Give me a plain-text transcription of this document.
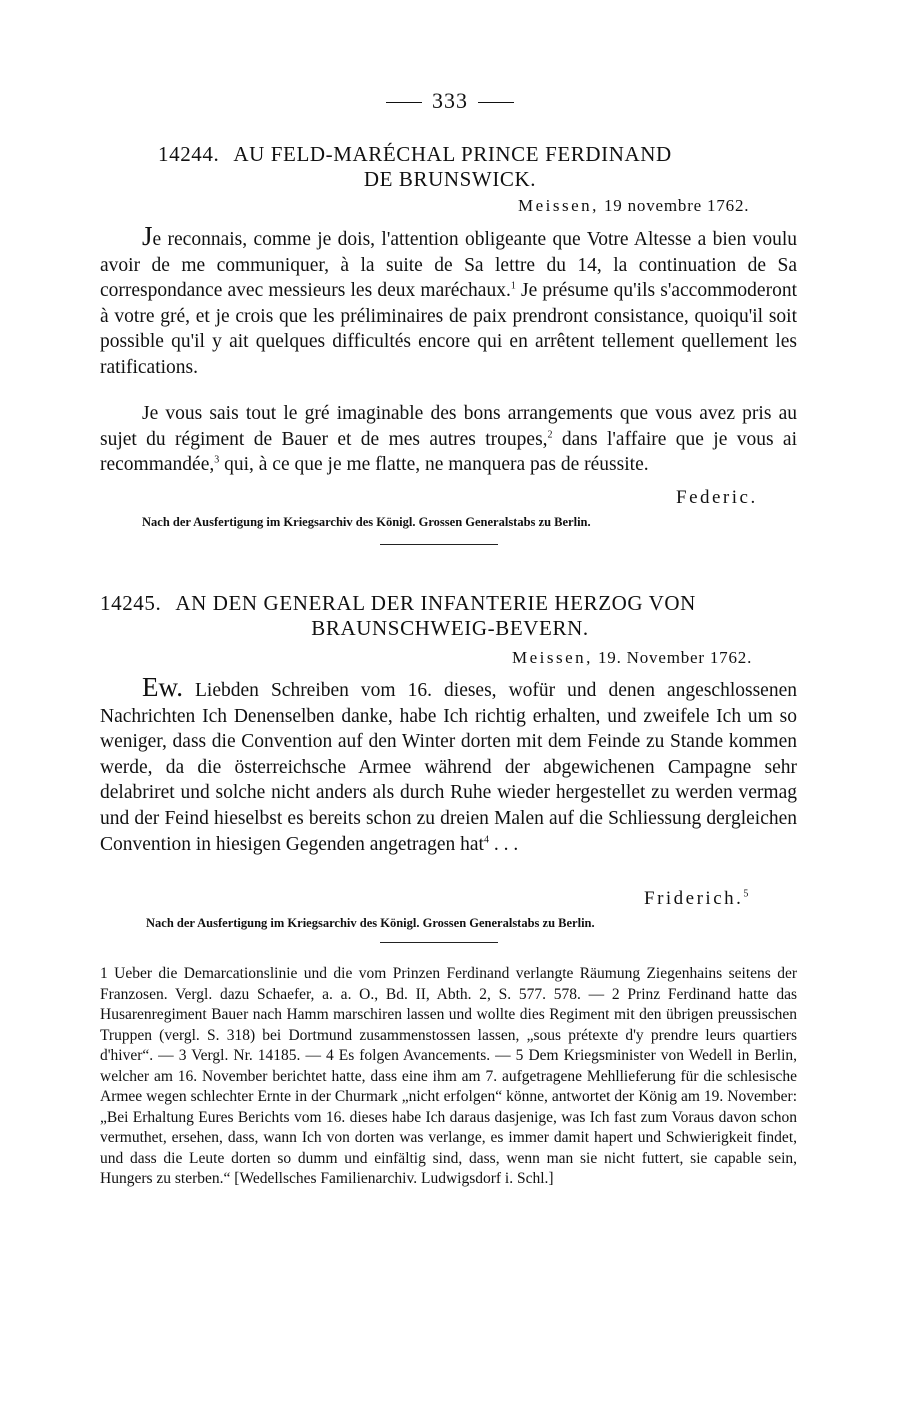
333
14244. AU FELD-MARÉCHAL PRINCE FERDINAND
DE BRUNSWICK.
Meissen, 19 novembre 1762.

Je reconnais, comme je dois, l'attention obligeante que Votre Altesse a bien voulu avoir de me communiquer, à la suite de Sa lettre du 14, la continuation de Sa correspondance avec messieurs les deux maréchaux.$^1$ Je présume qu'ils s'accommoderont à votre gré, et je crois que les préliminaires de paix prendront consistance, quoiqu'il soit possible qu'il y ait quelques difficultés encore qui en arrêtent tellement quellement les ratifications.

Je vous sais tout le gré imaginable des bons arrangements que vous avez pris au sujet du régiment de Bauer et de mes autres troupes,$^2$ dans l'affaire que je vous ai recommandée,$^3$ qui, à ce que je me flatte, ne manquera pas de réussite.

Federic.
Nach der Ausfertigung im Kriegsarchiv des Königl. Grossen Generalstabs zu Berlin.
14245. AN DEN GENERAL DER INFANTERIE HERZOG VON
BRAUNSCHWEIG-BEVERN.
Meissen, 19. November 1762.

Ew. Liebden Schreiben vom 16. dieses, wofür und denen angeschlossenen Nachrichten Ich Denenselben danke, habe Ich richtig erhalten, und zweifele Ich um so weniger, dass die Convention auf den Winter dorten mit dem Feinde zu Stande kommen werde, da die österreichsche Armee während der abgewichenen Campagne sehr delabriret und solche nicht anders als durch Ruhe wieder hergestellet zu werden vermag und der Feind hieselbst es bereits schon zu dreien Malen auf die Schliessung dergleichen Convention in hiesigen Gegenden angetragen hat$^4$ . . .

Friderich.$^5$
Nach der Ausfertigung im Kriegsarchiv des Königl. Grossen Generalstabs zu Berlin.

1 Ueber die Demarcationslinie und die vom Prinzen Ferdinand verlangte Räumung Ziegenhains seitens der Franzosen. Vergl. dazu Schaefer, a. a. O., Bd. II, Abth. 2, S. 577. 578. — 2 Prinz Ferdinand hatte das Husarenregiment Bauer nach Hamm marschiren lassen und wollte dies Regiment mit den übrigen preussischen Truppen (vergl. S. 318) bei Dortmund zusammenstossen lassen, „sous prétexte d'y prendre leurs quartiers d'hiver“. — 3 Vergl. Nr. 14185. — 4 Es folgen Avancements. — 5 Dem Kriegsminister von Wedell in Berlin, welcher am 16. November berichtet hatte, dass eine ihm am 7. aufgetragene Mehllieferung für die schlesische Armee wegen schlechter Ernte in der Churmark „nicht erfolgen“ könne, antwortet der König am 19. November: „Bei Erhaltung Eures Berichts vom 16. dieses habe Ich daraus dasjenige, was Ich fast zum Voraus davon schon vermuthet, ersehen, dass, wann Ich von dorten was verlange, es immer damit hapert und Schwierigkeit findet, und dass die Leute dorten so dumm und einfältig sind, dass, wenn man sie nicht futtert, sie capable sein, Hungers zu sterben.“ [Wedellsches Familienarchiv. Ludwigsdorf i. Schl.]
